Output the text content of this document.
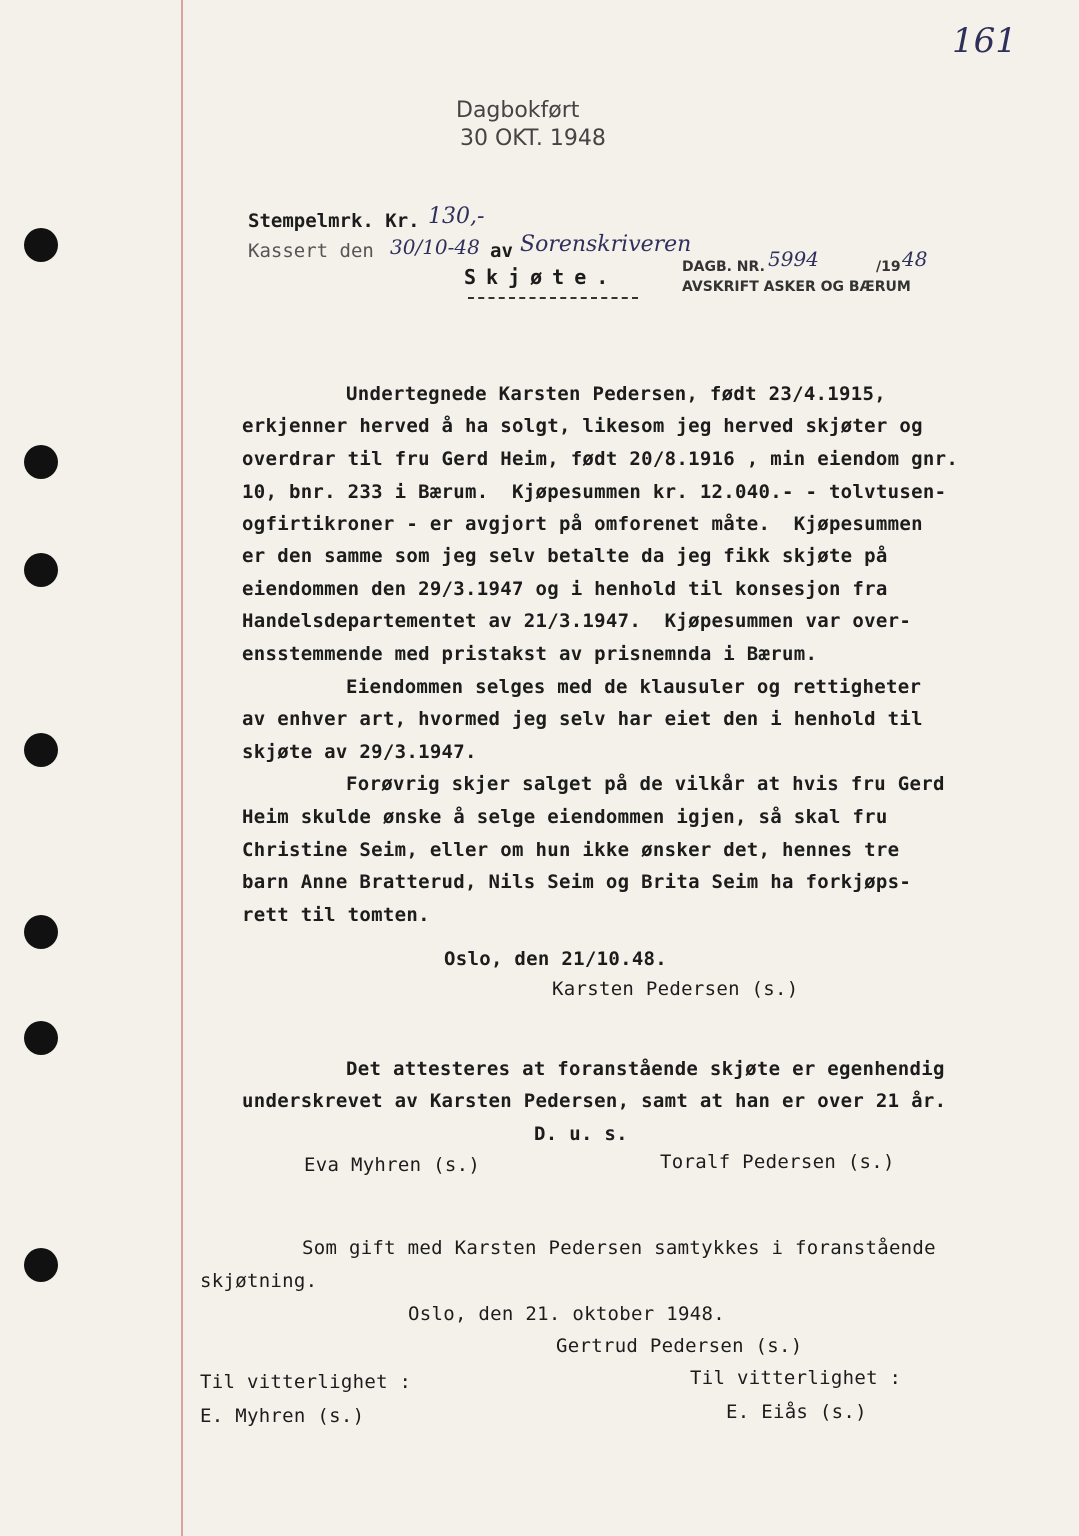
161
Dagbokført
30 OKT. 1948
Stempelmrk. Kr. 130,-
Kassert den 30/10-48 av Sorenskriveren
DAGB. NR. 5994	/19 48
AVSKRIFT ASKER OG BÆRUM
Skjøte.
Undertegnede Karsten Pedersen, født 23/4.1915,
erkjenner herved å ha solgt, likesom jeg herved skjøter og
overdrar til fru Gerd Heim, født 20/8.1916 , min eiendom gnr.
10, bnr. 233 i Bærum.  Kjøpesummen kr. 12.040.- - tolvtusen-
ogfirtikroner - er avgjort på omforenet måte.  Kjøpesummen
er den samme som jeg selv betalte da jeg fikk skjøte på
eiendommen den 29/3.1947 og i henhold til konsesjon fra
Handelsdepartementet av 21/3.1947.  Kjøpesummen var over-
ensstemmende med pristakst av prisnemnda i Bærum.
Eiendommen selges med de klausuler og rettigheter
av enhver art, hvormed jeg selv har eiet den i henhold til
skjøte av 29/3.1947.
Forøvrig skjer salget på de vilkår at hvis fru Gerd
Heim skulde ønske å selge eiendommen igjen, så skal fru
Christine Seim, eller om hun ikke ønsker det, hennes tre
barn Anne Bratterud, Nils Seim og Brita Seim ha forkjøps-
rett til tomten.
Oslo, den 21/10.48.
Karsten Pedersen (s.)
Det attesteres at foranstående skjøte er egenhendig
underskrevet av Karsten Pedersen, samt at han er over 21 år.
D. u. s.
Eva Myhren (s.)	Toralf Pedersen (s.)
Som gift med Karsten Pedersen samtykkes i foranstående
skjøtning.
Oslo, den 21. oktober 1948.
Gertrud Pedersen (s.)
Til vitterlighet :	Til vitterlighet :
E. Myhren (s.)	E. Eiås (s.)
